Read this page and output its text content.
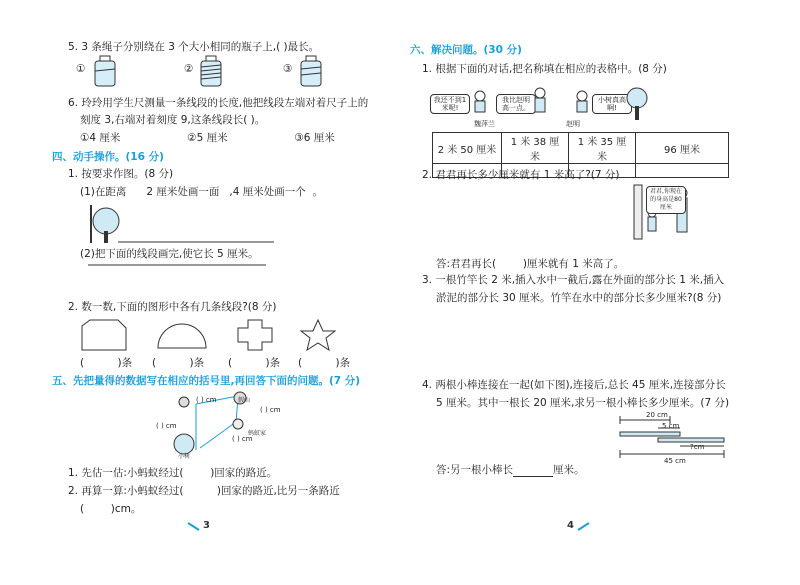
5. 3 条绳子分别绕在 3 个大小相同的瓶子上,( )最长。
①	②	③
6. 玲玲用学生尺测量一条线段的长度,他把线段左端对着尺子上的
刻度 3,右端对着刻度 9,这条线段长( )。
①4 厘米                    ②5 厘米                    ③6 厘米
四、动手操作。(16 分)
1. 按要求作图。(8 分)
(1)在距离      2 厘米处画一面   ,4 厘米处画一个  。
(2)把下面的线段画完,使它长 5 厘米。
2. 数一数,下面的图形中各有几条线段?(8 分)
(          )条 (          )条 (          )条 (          )条
五、先把量得的数据写在相应的括号里,再回答下面的问题。(7 分)
( ) cm
( ) cm
( ) cm
( ) cm
假山
蚂蚁家
小树
1. 先估一估:小蚂蚁经过(        )回家的路近。
2. 再算一算:小蚂蚁经过(          )回家的路近,比另一条路近
(        )cm。
3
六、解决问题。(30 分)
1. 根据下面的对话,把名称填在相应的表格中。(8 分)
我还不到1米呢!
我比赵明高一点。
小树真高啊!
魏萍兰	赵明
2 米 50 厘米	1 米 38 厘米	1 米 35 厘米	96 厘米

2. 君君再长多少厘米就有 1 米高了?(7 分)
君君,你现在的身高是80厘米
答:君君再长(        )厘米就有 1 米高了。
3. 一根竹竿长 2 米,插入水中一截后,露在外面的部分长 1 米,插入
淤泥的部分长 30 厘米。竹竿在水中的部分长多少厘米?(8 分)
4. 两根小棒连接在一起(如下图),连接后,总长 45 厘米,连接部分长
5 厘米。其中一根长 20 厘米,求另一根小棒长多少厘米。(7 分)
20 cm
5 cm
?cm
45 cm
答:另一根小棒长	厘米。
4
